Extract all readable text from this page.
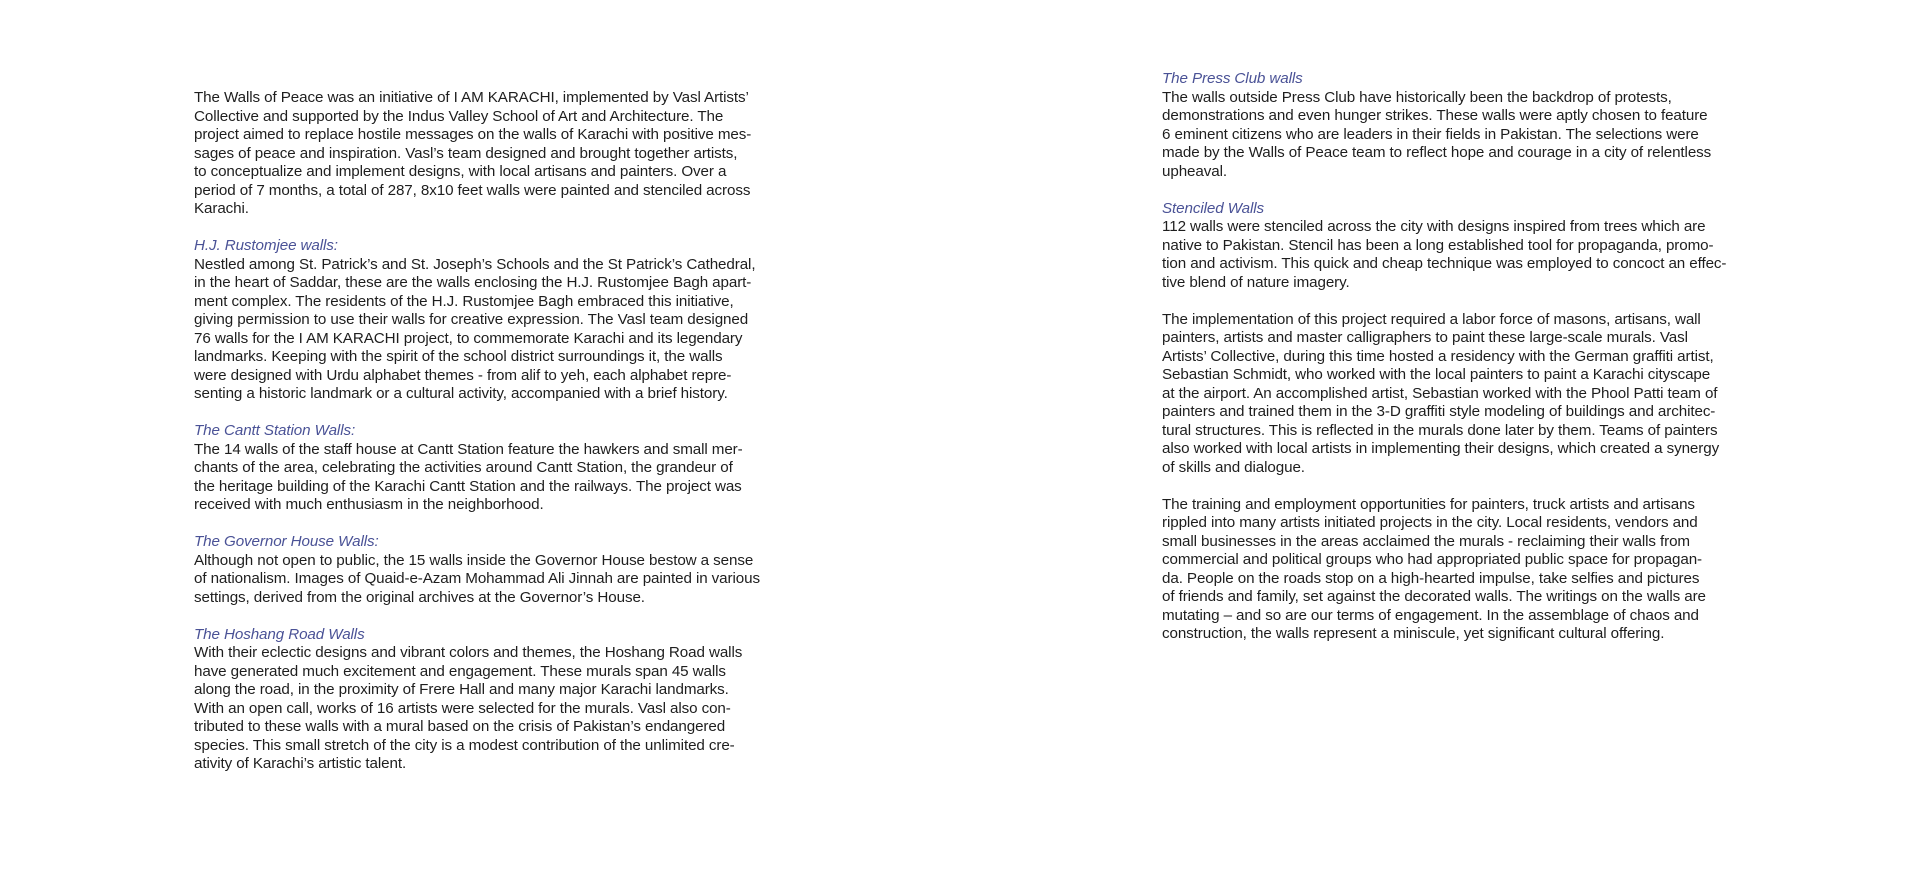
The Walls of Peace was an initiative of I AM KARACHI, implemented by Vasl Artists’
Collective and supported by the Indus Valley School of Art and Architecture. The
project aimed to replace hostile messages on the walls of Karachi with positive mes-
sages of peace and inspiration. Vasl’s team designed and brought together artists,
to conceptualize and implement designs, with local artisans and painters. Over a
period of 7 months, a total of 287, 8x10 feet walls were painted and stenciled across
Karachi.

H.J. Rustomjee walls:

Nestled among St. Patrick’s and St. Joseph’s Schools and the St Patrick’s Cathedral,
in the heart of Saddar, these are the walls enclosing the H.J. Rustomjee Bagh apart-
ment complex. The residents of the H.J. Rustomjee Bagh embraced this initiative,
giving permission to use their walls for creative expression. The Vasl team designed
76 walls for the I AM KARACHI project, to commemorate Karachi and its legendary
landmarks. Keeping with the spirit of the school district surroundings it, the walls
were designed with Urdu alphabet themes - from alif to yeh, each alphabet repre-
senting a historic landmark or a cultural activity, accompanied with a brief history.

The Cantt Station Walls:

The 14 walls of the staff house at Cantt Station feature the hawkers and small mer-
chants of the area, celebrating the activities around Cantt Station, the grandeur of
the heritage building of the Karachi Cantt Station and the railways. The project was
received with much enthusiasm in the neighborhood.

The Governor House Walls:

Although not open to public, the 15 walls inside the Governor House bestow a sense
of nationalism. Images of Quaid-e-Azam Mohammad Ali Jinnah are painted in various
settings, derived from the original archives at the Governor’s House.

The Hoshang Road Walls

With their eclectic designs and vibrant colors and themes, the Hoshang Road walls
have generated much excitement and engagement. These murals span 45 walls
along the road, in the proximity of Frere Hall and many major Karachi landmarks.
With an open call, works of 16 artists were selected for the murals. Vasl also con-
tributed to these walls with a mural based on the crisis of Pakistan’s endangered
species. This small stretch of the city is a modest contribution of the unlimited cre-
ativity of Karachi’s artistic talent.

The Press Club walls

The walls outside Press Club have historically been the backdrop of protests,
demonstrations and even hunger strikes. These walls were aptly chosen to feature
6 eminent citizens who are leaders in their fields in Pakistan. The selections were
made by the Walls of Peace team to reflect hope and courage in a city of relentless
upheaval.

Stenciled Walls

112 walls were stenciled across the city with designs inspired from trees which are
native to Pakistan. Stencil has been a long established tool for propaganda, promo-
tion and activism. This quick and cheap technique was employed to concoct an effec-
tive blend of nature imagery.

The implementation of this project required a labor force of masons, artisans, wall
painters, artists and master calligraphers to paint these large-scale murals. Vasl
Artists’ Collective, during this time hosted a residency with the German graffiti artist,
Sebastian Schmidt, who worked with the local painters to paint a Karachi cityscape
at the airport. An accomplished artist, Sebastian worked with the Phool Patti team of
painters and trained them in the 3-D graffiti style modeling of buildings and architec-
tural structures. This is reflected in the murals done later by them. Teams of painters
also worked with local artists in implementing their designs, which created a synergy
of skills and dialogue.

The training and employment opportunities for painters, truck artists and artisans
rippled into many artists initiated projects in the city. Local residents, vendors and
small businesses in the areas acclaimed the murals - reclaiming their walls from
commercial and political groups who had appropriated public space for propagan-
da. People on the roads stop on a high-hearted impulse, take selfies and pictures
of friends and family, set against the decorated walls. The writings on the walls are
mutating – and so are our terms of engagement. In the assemblage of chaos and
construction, the walls represent a miniscule, yet significant cultural offering.
